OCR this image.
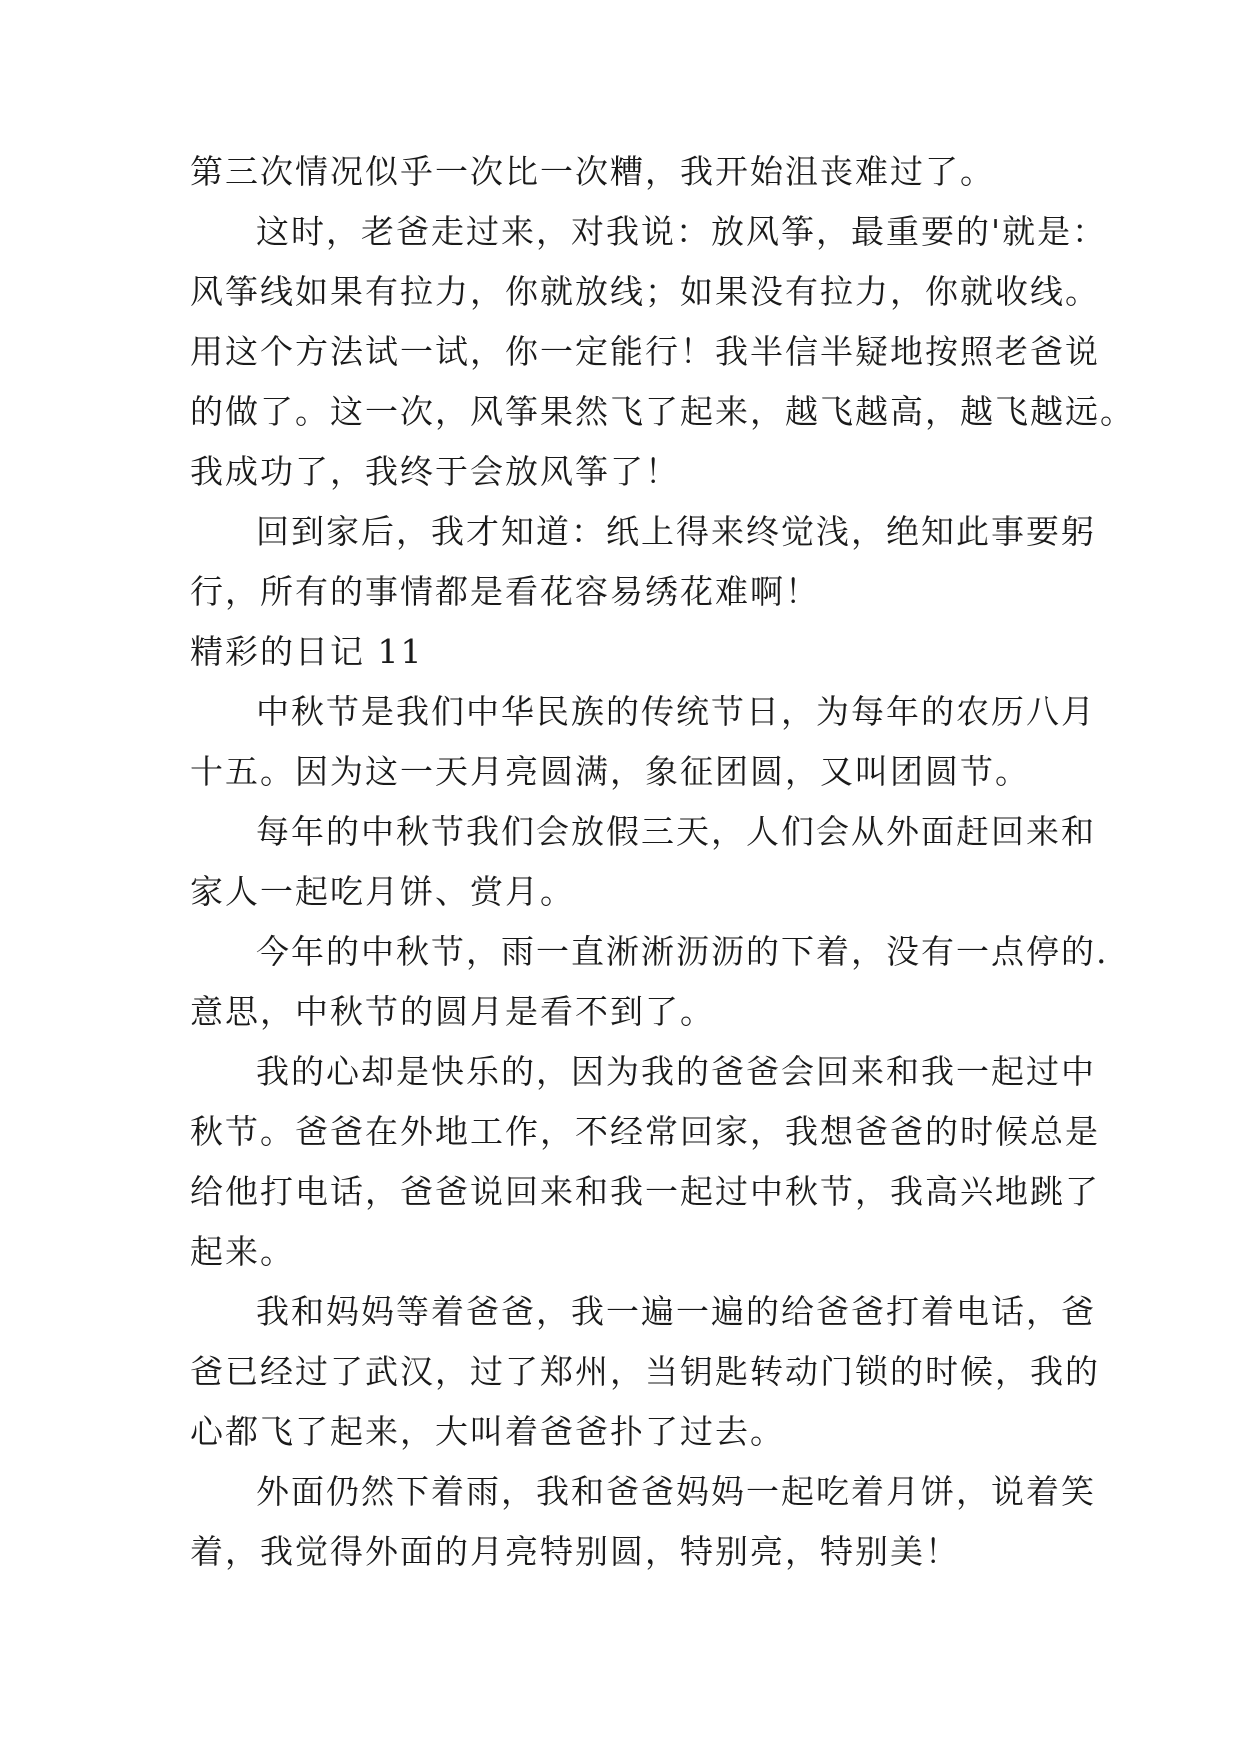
第三次情况似乎一次比一次糟，我开始沮丧难过了。
这时，老爸走过来，对我说：放风筝，最重要的'就是：
风筝线如果有拉力，你就放线；如果没有拉力，你就收线。
用这个方法试一试，你一定能行！我半信半疑地按照老爸说
的做了。这一次，风筝果然飞了起来，越飞越高，越飞越远。
我成功了，我终于会放风筝了！
回到家后，我才知道：纸上得来终觉浅，绝知此事要躬
行，所有的事情都是看花容易绣花难啊！
精彩的日记 11
中秋节是我们中华民族的传统节日，为每年的农历八月
十五。因为这一天月亮圆满，象征团圆，又叫团圆节。
每年的中秋节我们会放假三天，人们会从外面赶回来和
家人一起吃月饼、赏月。
今年的中秋节，雨一直淅淅沥沥的下着，没有一点停的.
意思，中秋节的圆月是看不到了。
我的心却是快乐的，因为我的爸爸会回来和我一起过中
秋节。爸爸在外地工作，不经常回家，我想爸爸的时候总是
给他打电话，爸爸说回来和我一起过中秋节，我高兴地跳了
起来。
我和妈妈等着爸爸，我一遍一遍的给爸爸打着电话，爸
爸已经过了武汉，过了郑州，当钥匙转动门锁的时候，我的
心都飞了起来，大叫着爸爸扑了过去。
外面仍然下着雨，我和爸爸妈妈一起吃着月饼，说着笑
着，我觉得外面的月亮特别圆，特别亮，特别美！
